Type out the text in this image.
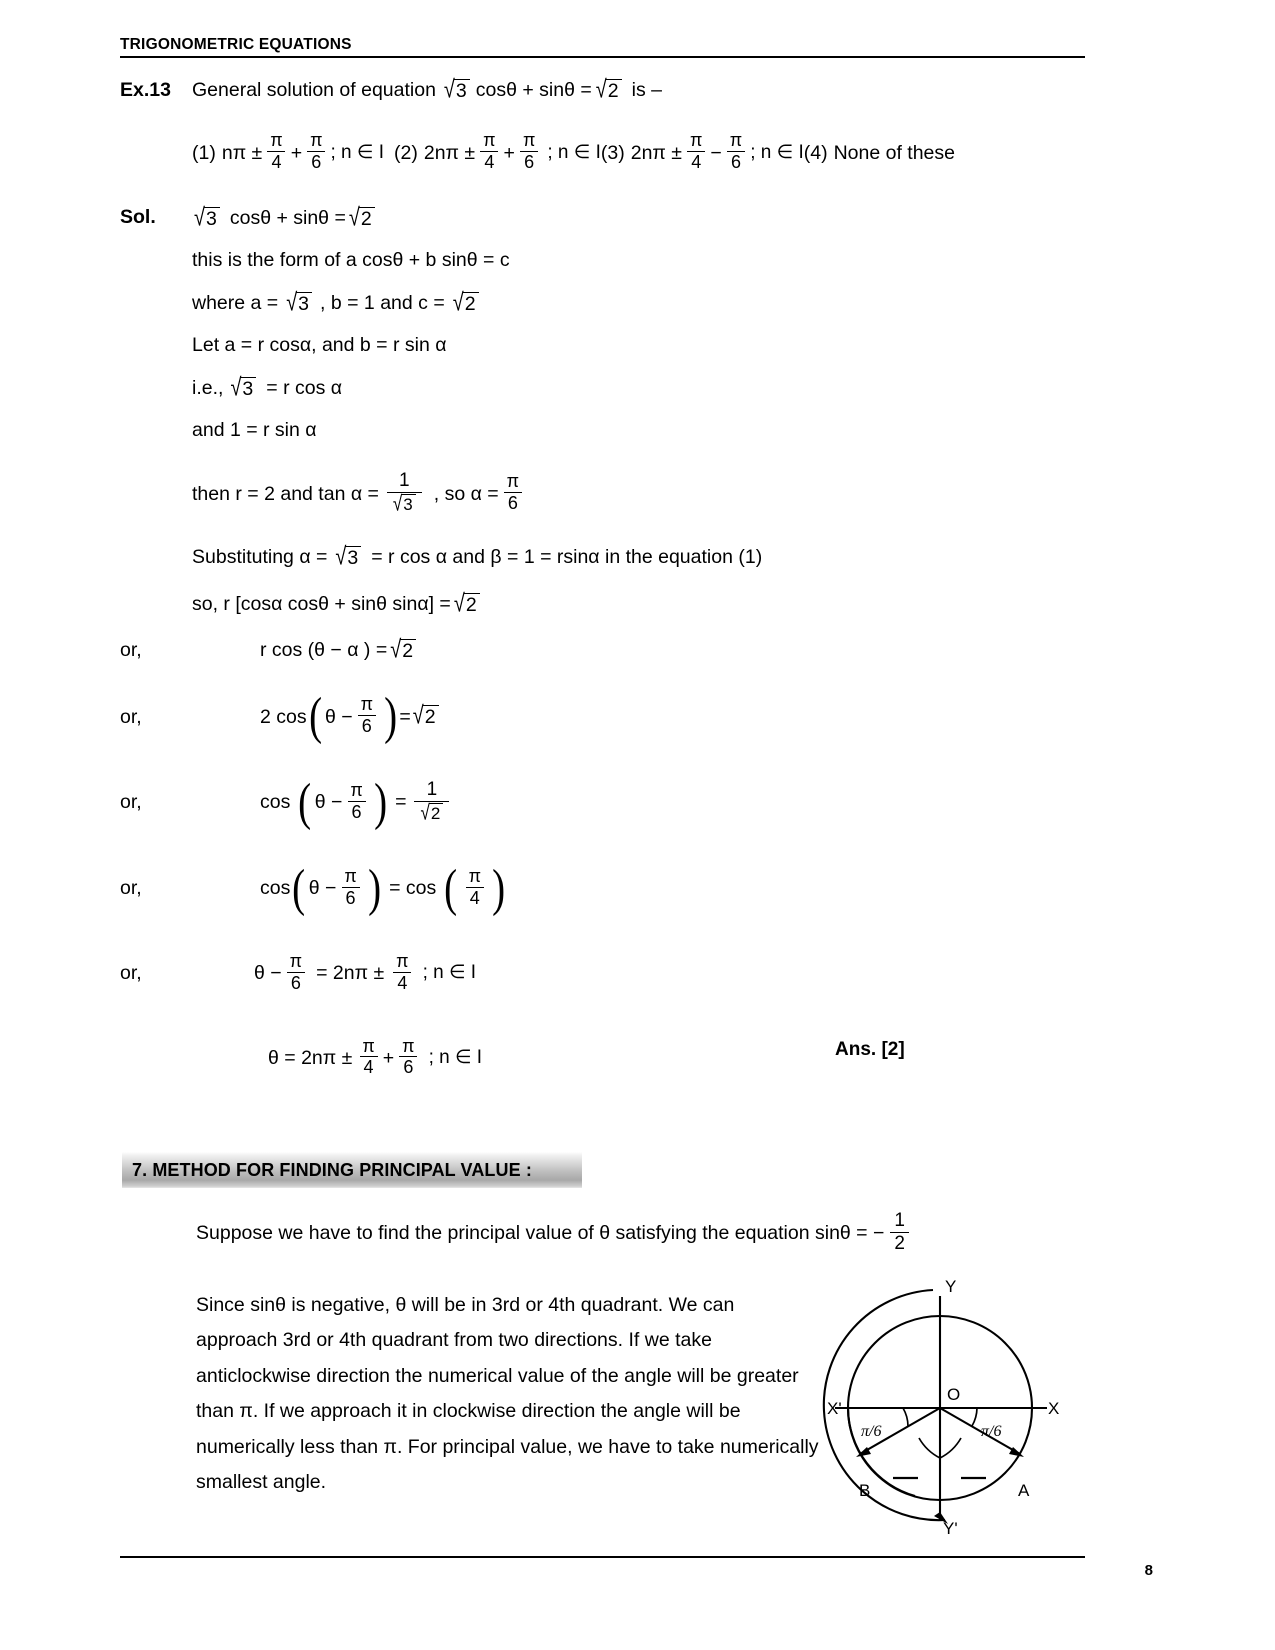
TRIGONOMETRIC EQUATIONS
Ex.13	General solution of equation √ 3 cosθ + sinθ = √ 2 is –
(1) $n\pi \pm \frac{\pi}{4} + \frac{\pi}{6}$ ; n ∈ I (2) $2n\pi \pm \frac{\pi}{4} + \frac{\pi}{6}$ ; n ∈ I (3) $2n\pi \pm \frac{\pi}{4} - \frac{\pi}{6}$ ; n ∈ I (4) None of these
Sol.	√ 3 cosθ + sinθ = √ 2
this is the form of a cosθ + b sinθ = c
where a = √ 3 , b = 1 and c = √ 2
Let a = r cosα, and b = r sin α
i.e., √ 3 = r cos α
and 1 = r sin α
then r = 2 and $\tan \alpha = \frac{1}{√ 3}$ , so $\alpha = \frac{\pi}{6}$
Substituting α = √ 3 = r cos α and β = 1 = rsinα in the equation (1)
so, r [cosα cosθ + sinθ sinα] = √ 2
or,	r cos (θ − α ) = √ 2
or,	2 cos ( $\theta - \frac{\pi}{6}$ ) = √ 2
or,	cos ( $\theta - \frac{\pi}{6}$ ) = $\frac{1}{√ 2}$
or,	cos ( $\theta - \frac{\pi}{6}$ ) = cos ( $\frac{\pi}{4}$ )
or,	$\theta - \frac{\pi}{6} = 2n\pi \pm \frac{\pi}{4}$ ; n ∈ I
$\theta = 2n\pi \pm \frac{\pi}{4} + \frac{\pi}{6}$ ; n ∈ I	Ans. [2]
7. METHOD FOR FINDING PRINCIPAL VALUE :
Suppose we have to find the principal value of θ satisfying the equation sinθ = − $\frac{1}{2}$
Since sinθ is negative, θ will be in 3rd or 4th quadrant. We can approach 3rd or 4th quadrant from two directions. If we take anticlockwise direction the numerical value of the angle will be greater than π. If we approach it in clockwise direction the angle will be numerically less than π. For principal value, we have to take numerically smallest angle.
Y
Y'
X
X'
O
A
B
π/6	π/6
8
